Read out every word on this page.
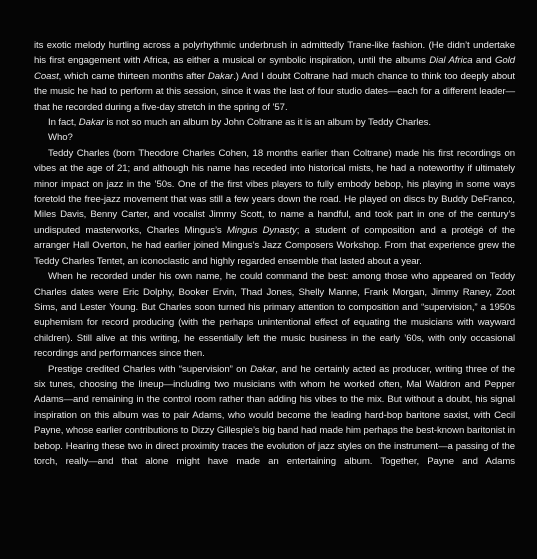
its exotic melody hurtling across a polyrhythmic underbrush in admittedly Trane-like fashion. (He didn’t undertake his first engagement with Africa, as either a musical or symbolic inspiration, until the albums Dial Africa and Gold Coast, which came thirteen months after Dakar.) And I doubt Coltrane had much chance to think too deeply about the music he had to perform at this session, since it was the last of four studio dates—each for a different leader—that he recorded during a five-day stretch in the spring of ’57.

In fact, Dakar is not so much an album by John Coltrane as it is an album by Teddy Charles.

Who?

Teddy Charles (born Theodore Charles Cohen, 18 months earlier than Coltrane) made his first recordings on vibes at the age of 21; and although his name has receded into historical mists, he had a noteworthy if ultimately minor impact on jazz in the ’50s. One of the first vibes players to fully embody bebop, his playing in some ways foretold the free-jazz movement that was still a few years down the road. He played on discs by Buddy DeFranco, Miles Davis, Benny Carter, and vocalist Jimmy Scott, to name a handful, and took part in one of the century’s undisputed masterworks, Charles Mingus’s Mingus Dynasty; a student of composition and a protégé of the arranger Hall Overton, he had earlier joined Mingus’s Jazz Composers Workshop. From that experience grew the Teddy Charles Tentet, an iconoclastic and highly regarded ensemble that lasted about a year.

When he recorded under his own name, he could command the best: among those who appeared on Teddy Charles dates were Eric Dolphy, Booker Ervin, Thad Jones, Shelly Manne, Frank Morgan, Jimmy Raney, Zoot Sims, and Lester Young. But Charles soon turned his primary attention to composition and “supervision,” a 1950s euphemism for record producing (with the perhaps unintentional effect of equating the musicians with wayward children). Still alive at this writing, he essentially left the music business in the early ’60s, with only occasional recordings and performances since then.

Prestige credited Charles with “supervision” on Dakar, and he certainly acted as producer, writing three of the six tunes, choosing the lineup—including two musicians with whom he worked often, Mal Waldron and Pepper Adams—and remaining in the control room rather than adding his vibes to the mix. But without a doubt, his signal inspiration on this album was to pair Adams, who would become the leading hard-bop baritone saxist, with Cecil Payne, whose earlier contributions to Dizzy Gillespie’s big band had made him perhaps the best-known baritonist in bebop. Hearing these two in direct proximity traces the evolution of jazz styles on the instrument—a passing of the torch, really—and that alone might have made an entertaining album. Together, Payne and Adams
